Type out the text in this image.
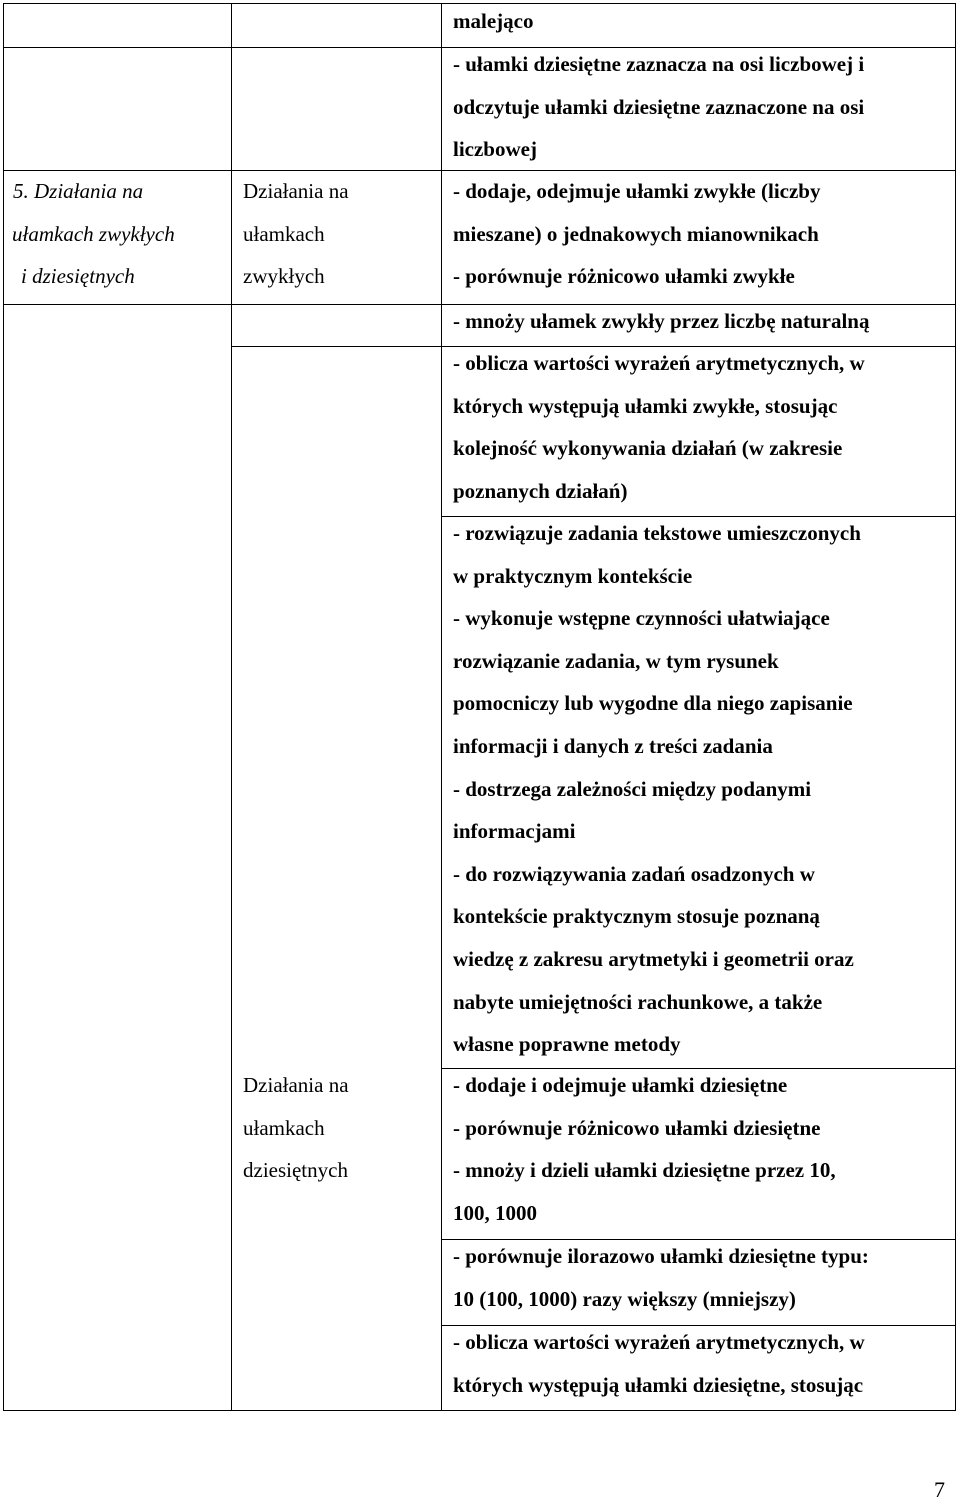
5. Działania na
ułamkach zwykłych
i dziesiętnych
Działania na
ułamkach
zwykłych
Działania na
ułamkach
dziesiętnych
malejąco
- ułamki dziesiętne zaznacza na osi liczbowej i
odczytuje ułamki dziesiętne zaznaczone na osi
liczbowej
- dodaje, odejmuje ułamki zwykłe (liczby
mieszane) o jednakowych mianownikach
- porównuje różnicowo ułamki zwykłe
- mnoży ułamek zwykły przez liczbę naturalną
- oblicza wartości wyrażeń arytmetycznych, w
których występują ułamki zwykłe, stosując
kolejność wykonywania działań (w zakresie
poznanych działań)
- rozwiązuje zadania tekstowe umieszczonych
w praktycznym kontekście
- wykonuje wstępne czynności ułatwiające
rozwiązanie zadania, w tym rysunek
pomocniczy lub wygodne dla niego zapisanie
informacji i danych z treści zadania
- dostrzega zależności między podanymi
informacjami
- do rozwiązywania zadań osadzonych w
kontekście praktycznym stosuje poznaną
wiedzę z zakresu arytmetyki i geometrii oraz
nabyte umiejętności rachunkowe, a także
własne poprawne metody
- dodaje i odejmuje ułamki dziesiętne
- porównuje różnicowo ułamki dziesiętne
- mnoży i dzieli ułamki dziesiętne przez 10,
100, 1000
- porównuje ilorazowo ułamki dziesiętne typu:
10 (100, 1000) razy większy (mniejszy)
- oblicza wartości wyrażeń arytmetycznych, w
których występują ułamki dziesiętne, stosując
7
